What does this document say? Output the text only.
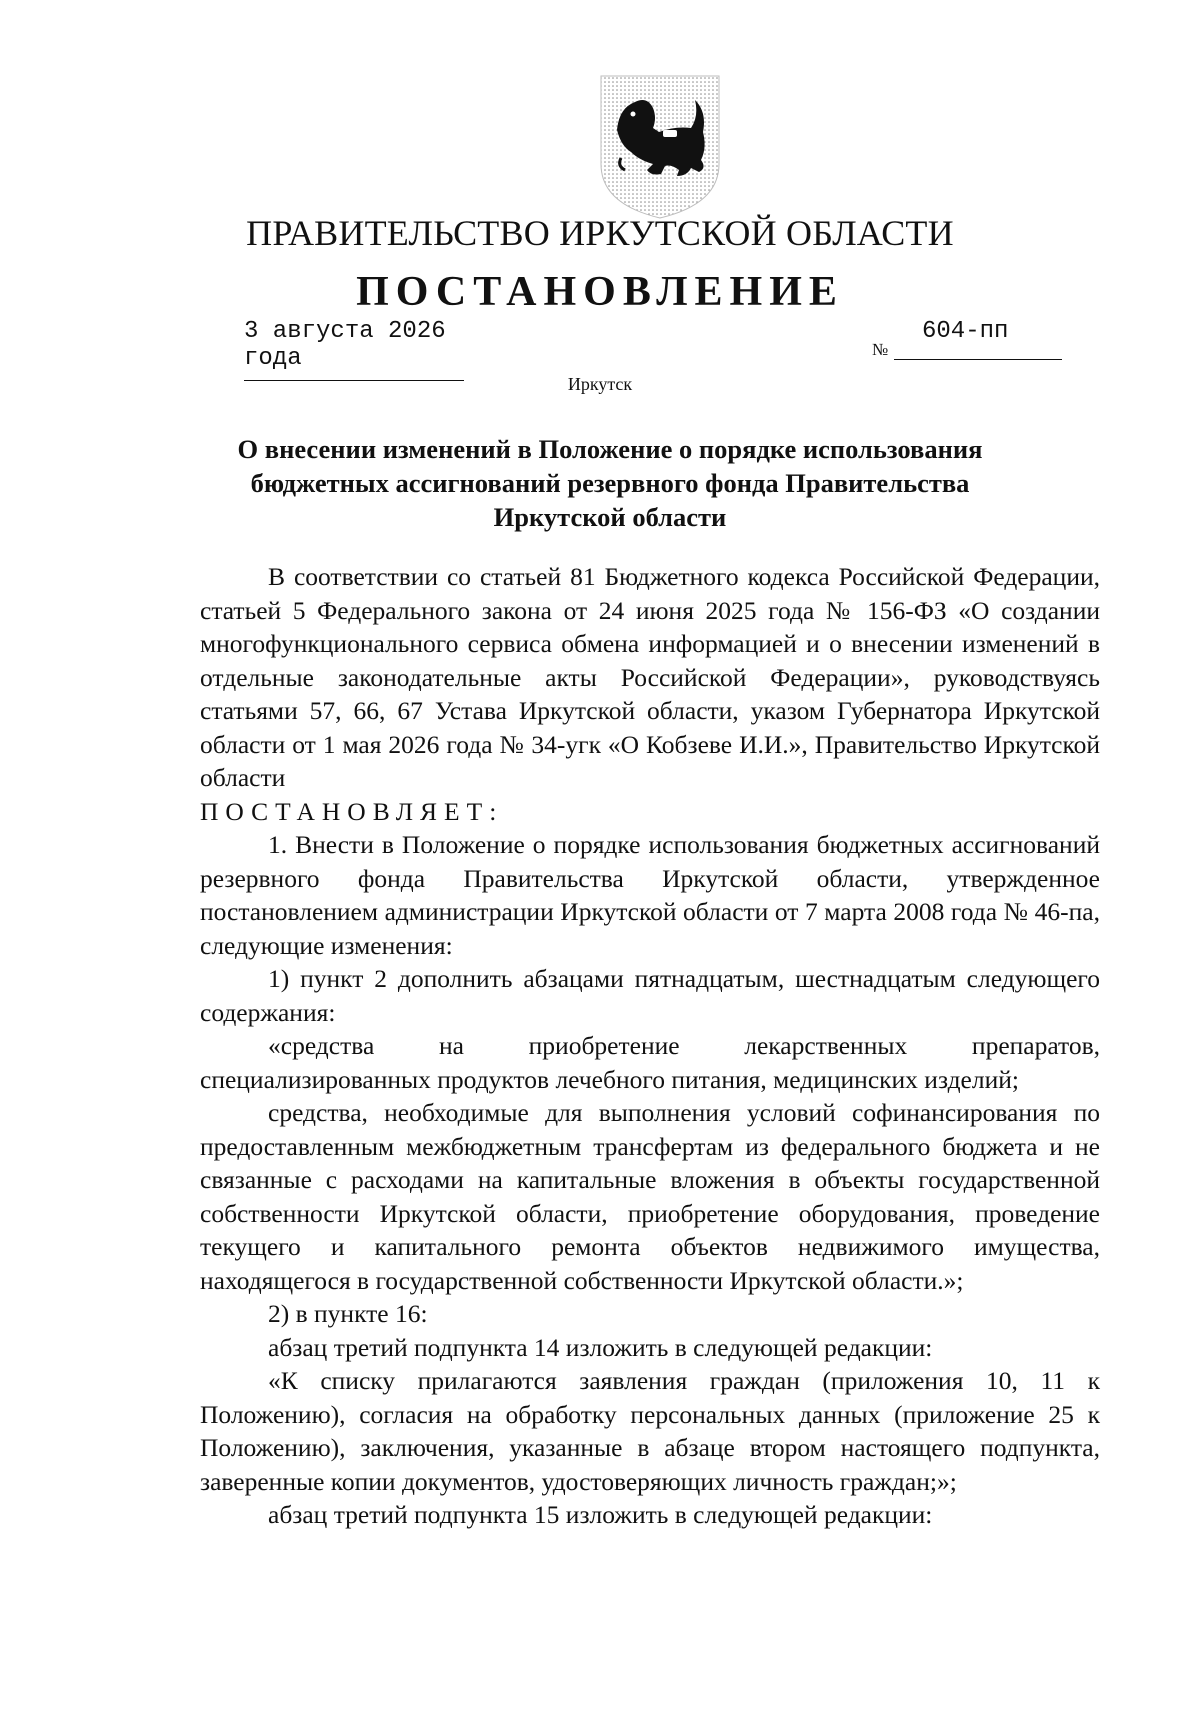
ПРАВИТЕЛЬСТВО ИРКУТСКОЙ ОБЛАСТИ
ПОСТАНОВЛЕНИЕ
3 августа 2026 года	№
604-пп
Иркутск
О внесении изменений в Положение о порядке использования бюджетных ассигнований резервного фонда Правительства Иркутской области

В соответствии со статьей 81 Бюджетного кодекса Российской Федерации, статьей 5 Федерального закона от 24 июня 2025 года № 156-ФЗ «О создании многофункционального сервиса обмена информацией и о внесении изменений в отдельные законодательные акты Российской Федерации», руководствуясь статьями 57, 66, 67 Устава Иркутской области, указом Губернатора Иркутской области от 1 мая 2026 года № 34-угк «О Кобзеве И.И.», Правительство Иркутской области

ПОСТАНОВЛЯЕТ:

1. Внести в Положение о порядке использования бюджетных ассигнований резервного фонда Правительства Иркутской области, утвержденное постановлением администрации Иркутской области от 7 марта 2008 года № 46-па, следующие изменения:

1) пункт 2 дополнить абзацами пятнадцатым, шестнадцатым следующего содержания:

«средства на приобретение лекарственных препаратов, специализированных продуктов лечебного питания, медицинских изделий;

средства, необходимые для выполнения условий софинансирования по предоставленным межбюджетным трансфертам из федерального бюджета и не связанные с расходами на капитальные вложения в объекты государственной собственности Иркутской области, приобретение оборудования, проведение текущего и капитального ремонта объектов недвижимого имущества, находящегося в государственной собственности Иркутской области.»;

2) в пункте 16:

абзац третий подпункта 14 изложить в следующей редакции:

«К списку прилагаются заявления граждан (приложения 10, 11 к Положению), согласия на обработку персональных данных (приложение 25 к Положению), заключения, указанные в абзаце втором настоящего подпункта, заверенные копии документов, удостоверяющих личность граждан;»;

абзац третий подпункта 15 изложить в следующей редакции:
